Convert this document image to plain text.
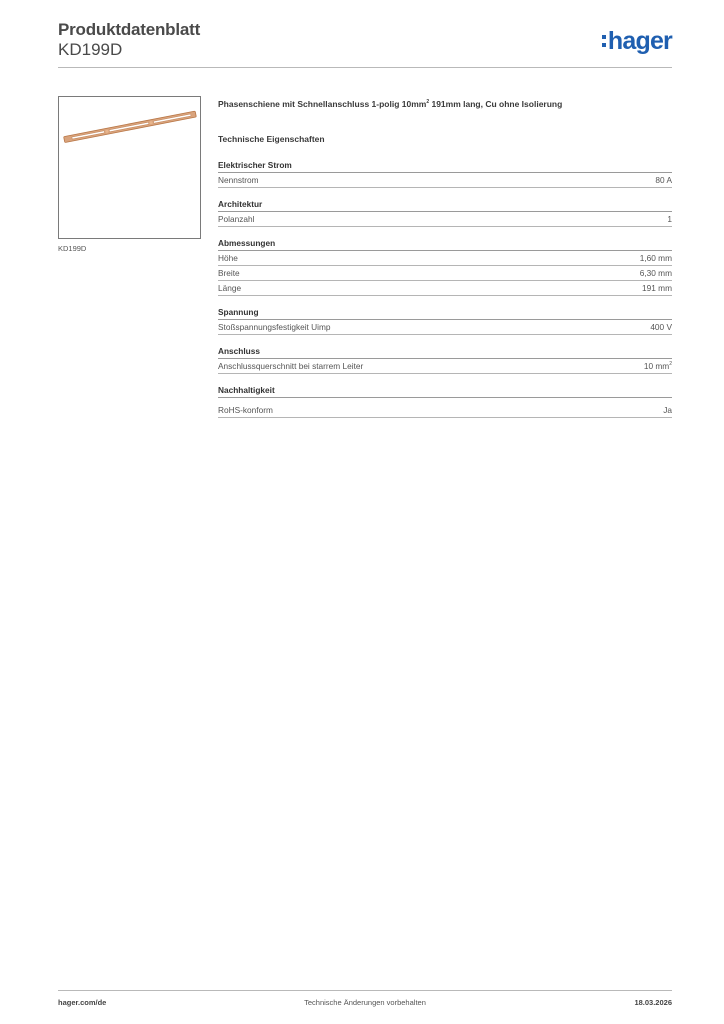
Produktdatenblatt
KD199D	hager
KD199D
Phasenschiene mit Schnellanschluss 1-polig $10mm^2$ 191mm lang, Cu ohne Isolierung
Technische Eigenschaften
Elektrischer Strom
Nennstrom	80 A
Architektur
Polanzahl	1
Abmessungen
Höhe	1,60 mm
Breite	6,30 mm
Länge	191 mm
Spannung
Stoßspannungsfestigkeit Uimp	400 V
Anschluss
Anschlussquerschnitt bei starrem Leiter	10 $mm^2$
Nachhaltigkeit
RoHS-konform	Ja
hager.com/de	Technische Änderungen vorbehalten	18.03.2026
